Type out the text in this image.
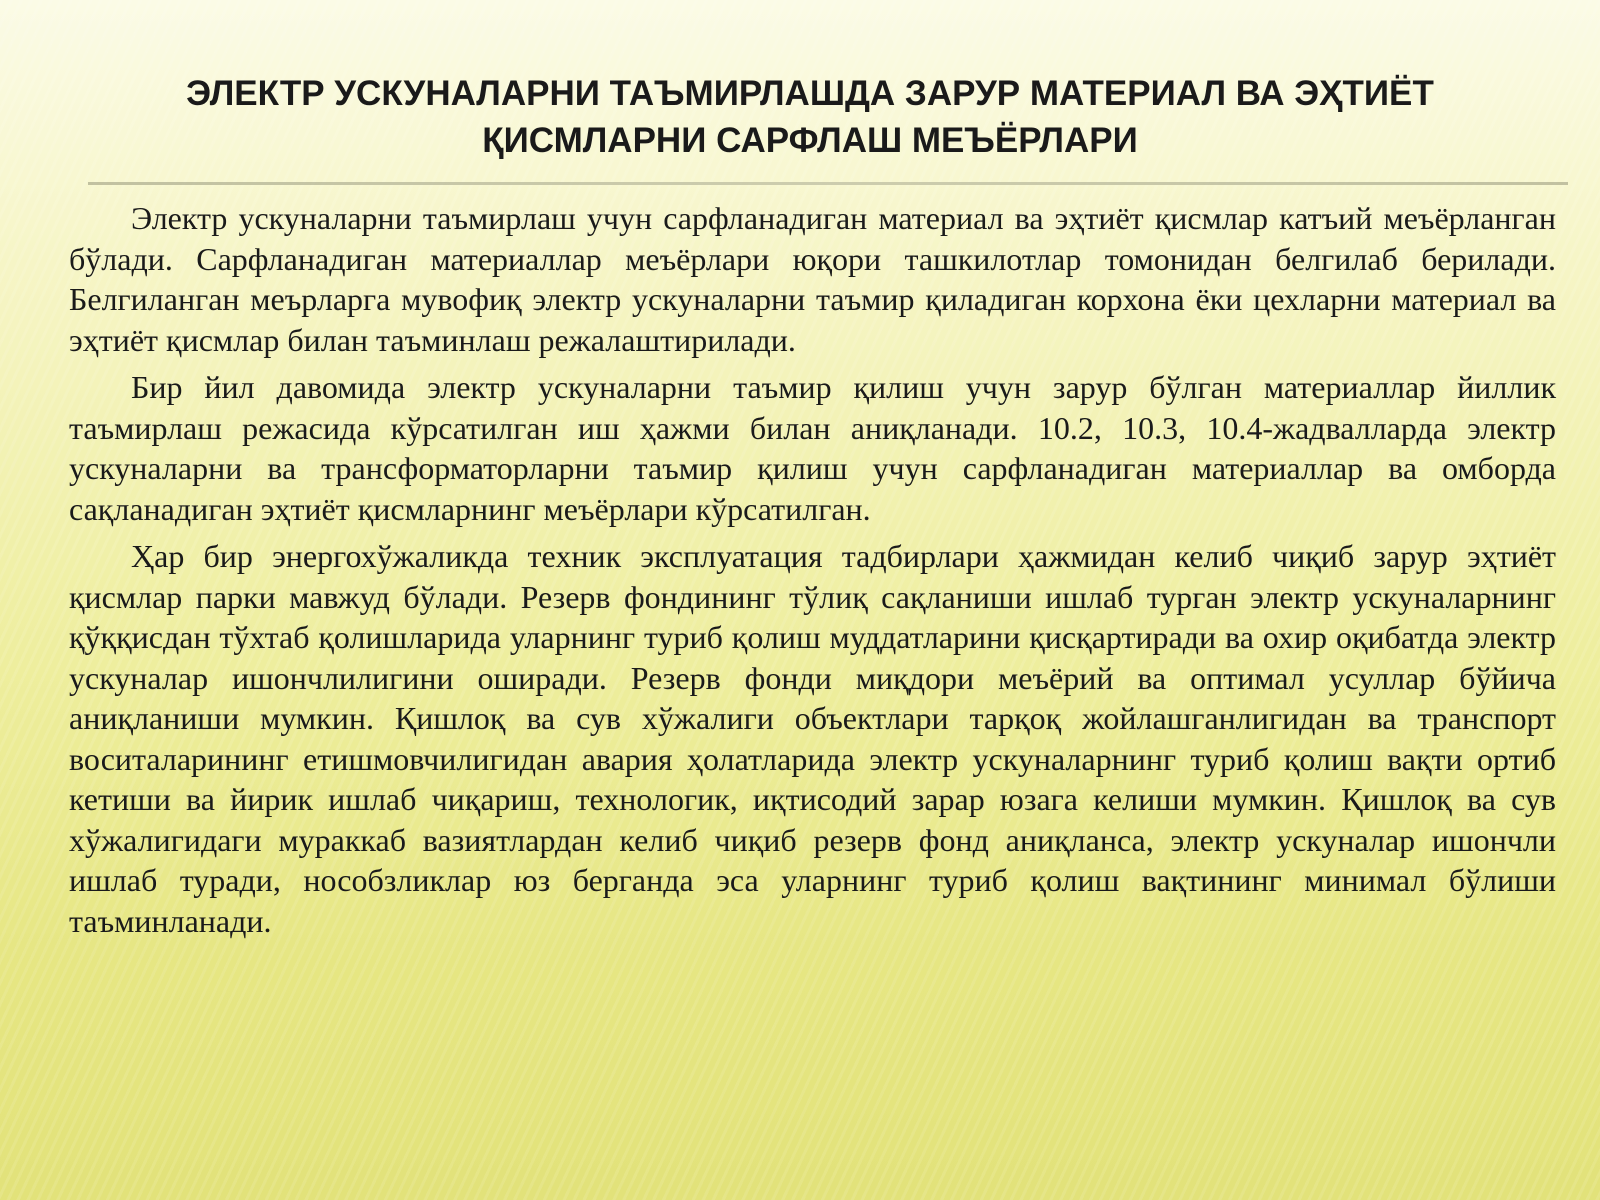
ЭЛЕКТР УСКУНАЛАРНИ ТАЪМИРЛАШДА ЗАРУР МАТЕРИАЛ ВА ЭҲТИЁТ
ҚИСМЛАРНИ САРФЛАШ МЕЪЁРЛАРИ

Электр ускуналарни таъмирлаш учун сарфланадиган материал ва эҳтиёт қисмлар катъий меъёрланган бўлади. Сарфланадиган материаллар меъёрлари юқори ташкилотлар томонидан белгилаб берилади. Белгиланган меърларга мувофиқ электр ускуналарни таъмир қиладиган корхона ёки цехларни материал ва эҳтиёт қисмлар билан таъминлаш режалаштирилади.

Бир йил давомида электр ускуналарни таъмир қилиш учун зарур бўлган материаллар йиллик таъмирлаш режасида кўрсатилган иш ҳажми билан аниқланади. 10.2, 10.3, 10.4-жадвалларда электр ускуналарни ва трансформаторларни таъмир қилиш учун сарфланадиган материаллар ва омборда сақланадиган эҳтиёт қисмларнинг меъёрлари кўрсатилган.

Ҳар бир энергохўжаликда техник эксплуатация тадбирлари ҳажмидан келиб чиқиб зарур эҳтиёт қисмлар парки мавжуд бўлади. Резерв фондининг тўлиқ сақланиши ишлаб турган электр ускуналарнинг қўққисдан тўхтаб қолишларида уларнинг туриб қолиш муддатларини қисқартиради ва охир оқибатда электр ускуналар ишончлилигини оширади. Резерв фонди миқдори меъёрий ва оптимал усуллар бўйича аниқланиши мумкин. Қишлоқ ва сув хўжалиги объектлари тарқоқ жойлашганлигидан ва транспорт воситаларининг етишмовчилигидан авария ҳолатларида электр ускуналарнинг туриб қолиш вақти ортиб кетиши ва йирик ишлаб чиқариш, технологик, иқтисодий зарар юзага келиши мумкин. Қишлоқ ва сув хўжалигидаги мураккаб вазиятлардан келиб чиқиб резерв фонд аниқланса, электр ускуналар ишончли ишлаб туради, нособзликлар юз берганда эса уларнинг туриб қолиш вақтининг минимал бўлиши таъминланади.
